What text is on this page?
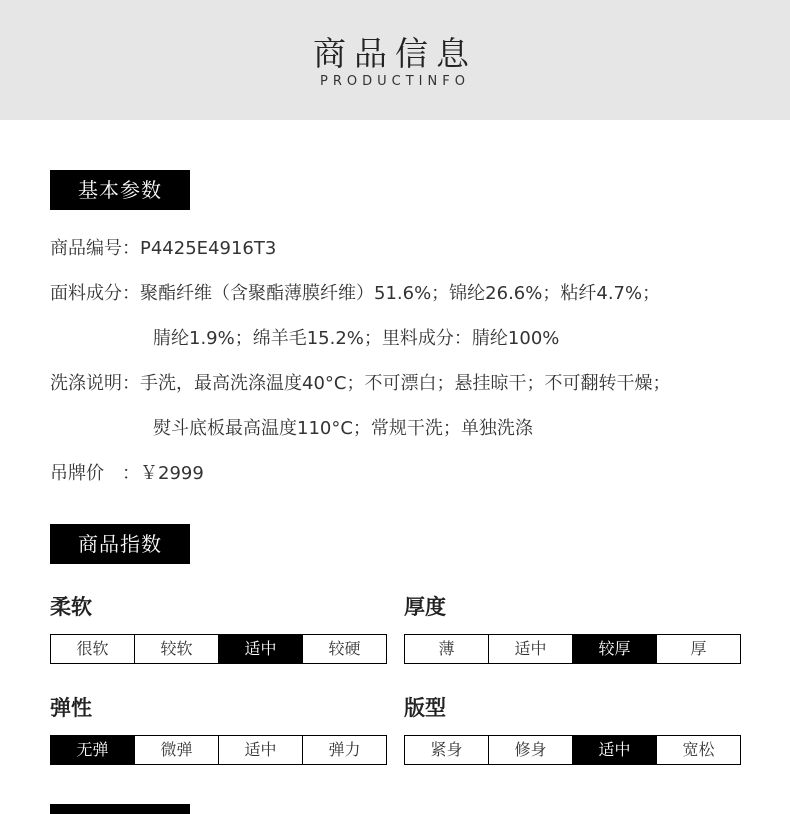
商品信息
PRODUCTINFO
基本参数
商品编号：P4425E4916T3
面料成分：聚酯纤维（含聚酯薄膜纤维）51.6%；锦纶26.6%；粘纤4.7%；
腈纶1.9%；绵羊毛15.2%；里料成分：腈纶100%
洗涤说明：手洗，最高洗涤温度40°C；不可漂白；悬挂晾干；不可翻转干燥；
熨斗底板最高温度110°C；常规干洗；单独洗涤
吊牌价　：￥2999
商品指数
柔软
很软	较软	适中	较硬
厚度
薄	适中	较厚	厚
弹性
无弹	微弹	适中	弹力
版型
紧身	修身	适中	宽松
